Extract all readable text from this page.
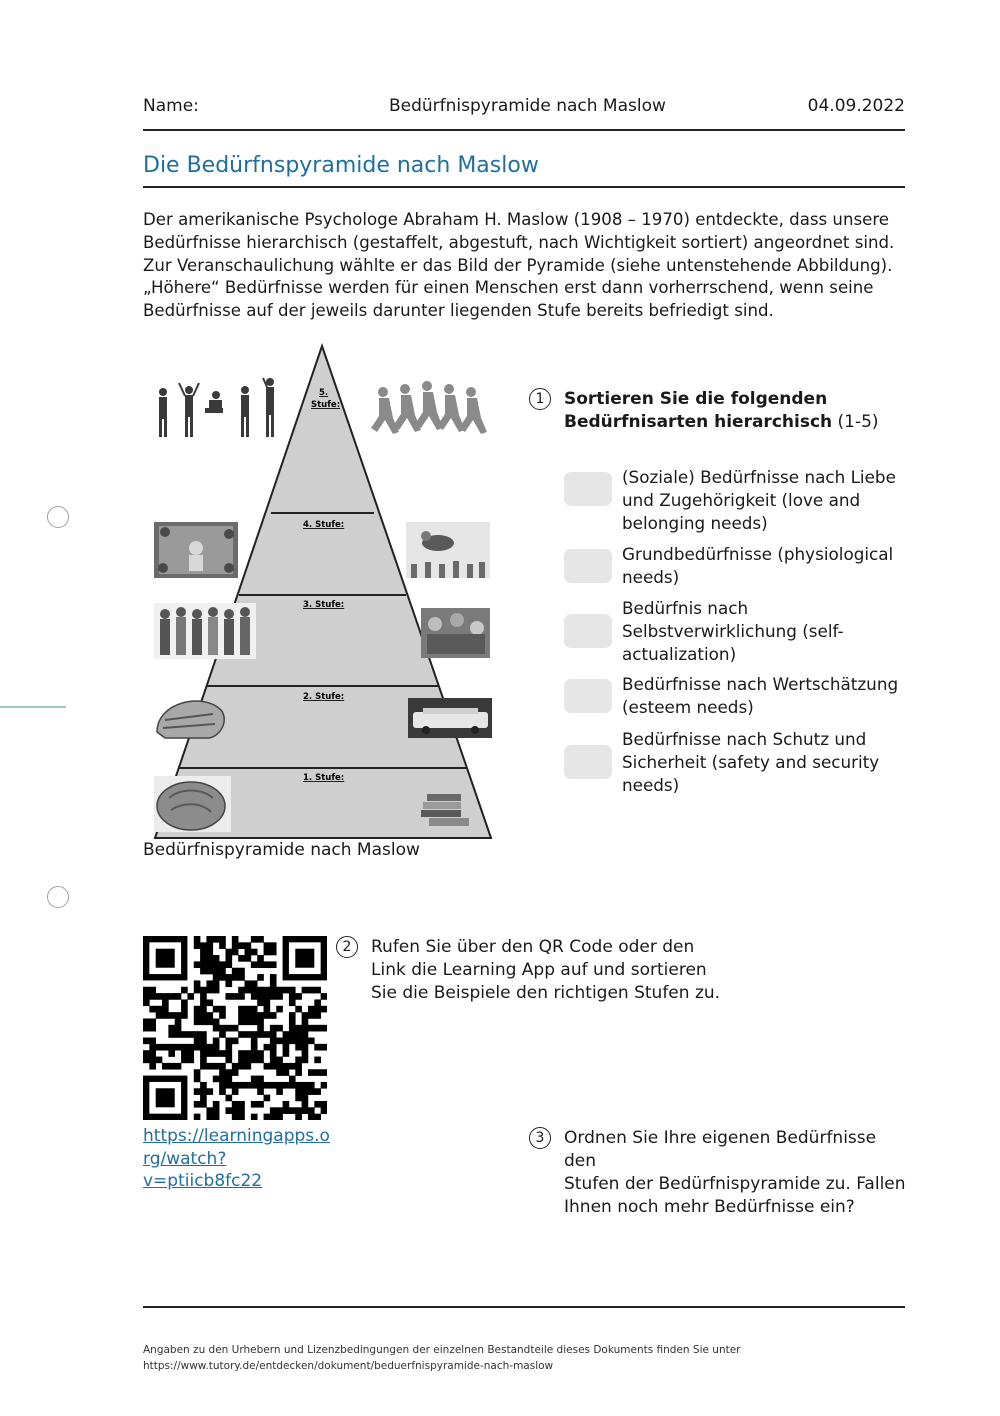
Name:	Bedürfnispyramide nach Maslow	04.09.2022
Die Bedürfnspyramide nach Maslow
Der amerikanische Psychologe Abraham H. Maslow (1908 – 1970) entdeckte, dass unsere
Bedürfnisse hierarchisch (gestaffelt, abgestuft, nach Wichtigkeit sortiert) angeordnet sind.
Zur Veranschaulichung wählte er das Bild der Pyramide (siehe untenstehende Abbildung).
„Höhere“ Bedürfnisse werden für einen Menschen erst dann vorherrschend, wenn seine
Bedürfnisse auf der jeweils darunter liegenden Stufe bereits befriedigt sind.
5.
Stufe:
4. Stufe:
3. Stufe:
2. Stufe:
1. Stufe:
Bedürfnispyramide nach Maslow
1	Sortieren Sie die folgenden
Bedürfnisarten hierarchisch (1-5)
(Soziale) Bedürfnisse nach Liebe
und Zugehörigkeit (love and
belonging needs)
Grundbedürfnisse (physiological
needs)
Bedürfnis nach
Selbstverwirklichung (self-
actualization)
Bedürfnisse nach Wertschätzung
(esteem needs)
Bedürfnisse nach Schutz und
Sicherheit (safety and security
needs)
2	Rufen Sie über den QR Code oder den
Link die Learning App auf und sortieren
Sie die Beispiele den richtigen Stufen zu.
https://learningapps.o
rg/watch?
v=ptiicb8fc22
3	Ordnen Sie Ihre eigenen Bedürfnisse den
Stufen der Bedürfnispyramide zu. Fallen
Ihnen noch mehr Bedürfnisse ein?
Angaben zu den Urhebern und Lizenzbedingungen der einzelnen Bestandteile dieses Dokuments finden Sie unter
https://www.tutory.de/entdecken/dokument/beduerfnispyramide-nach-maslow
